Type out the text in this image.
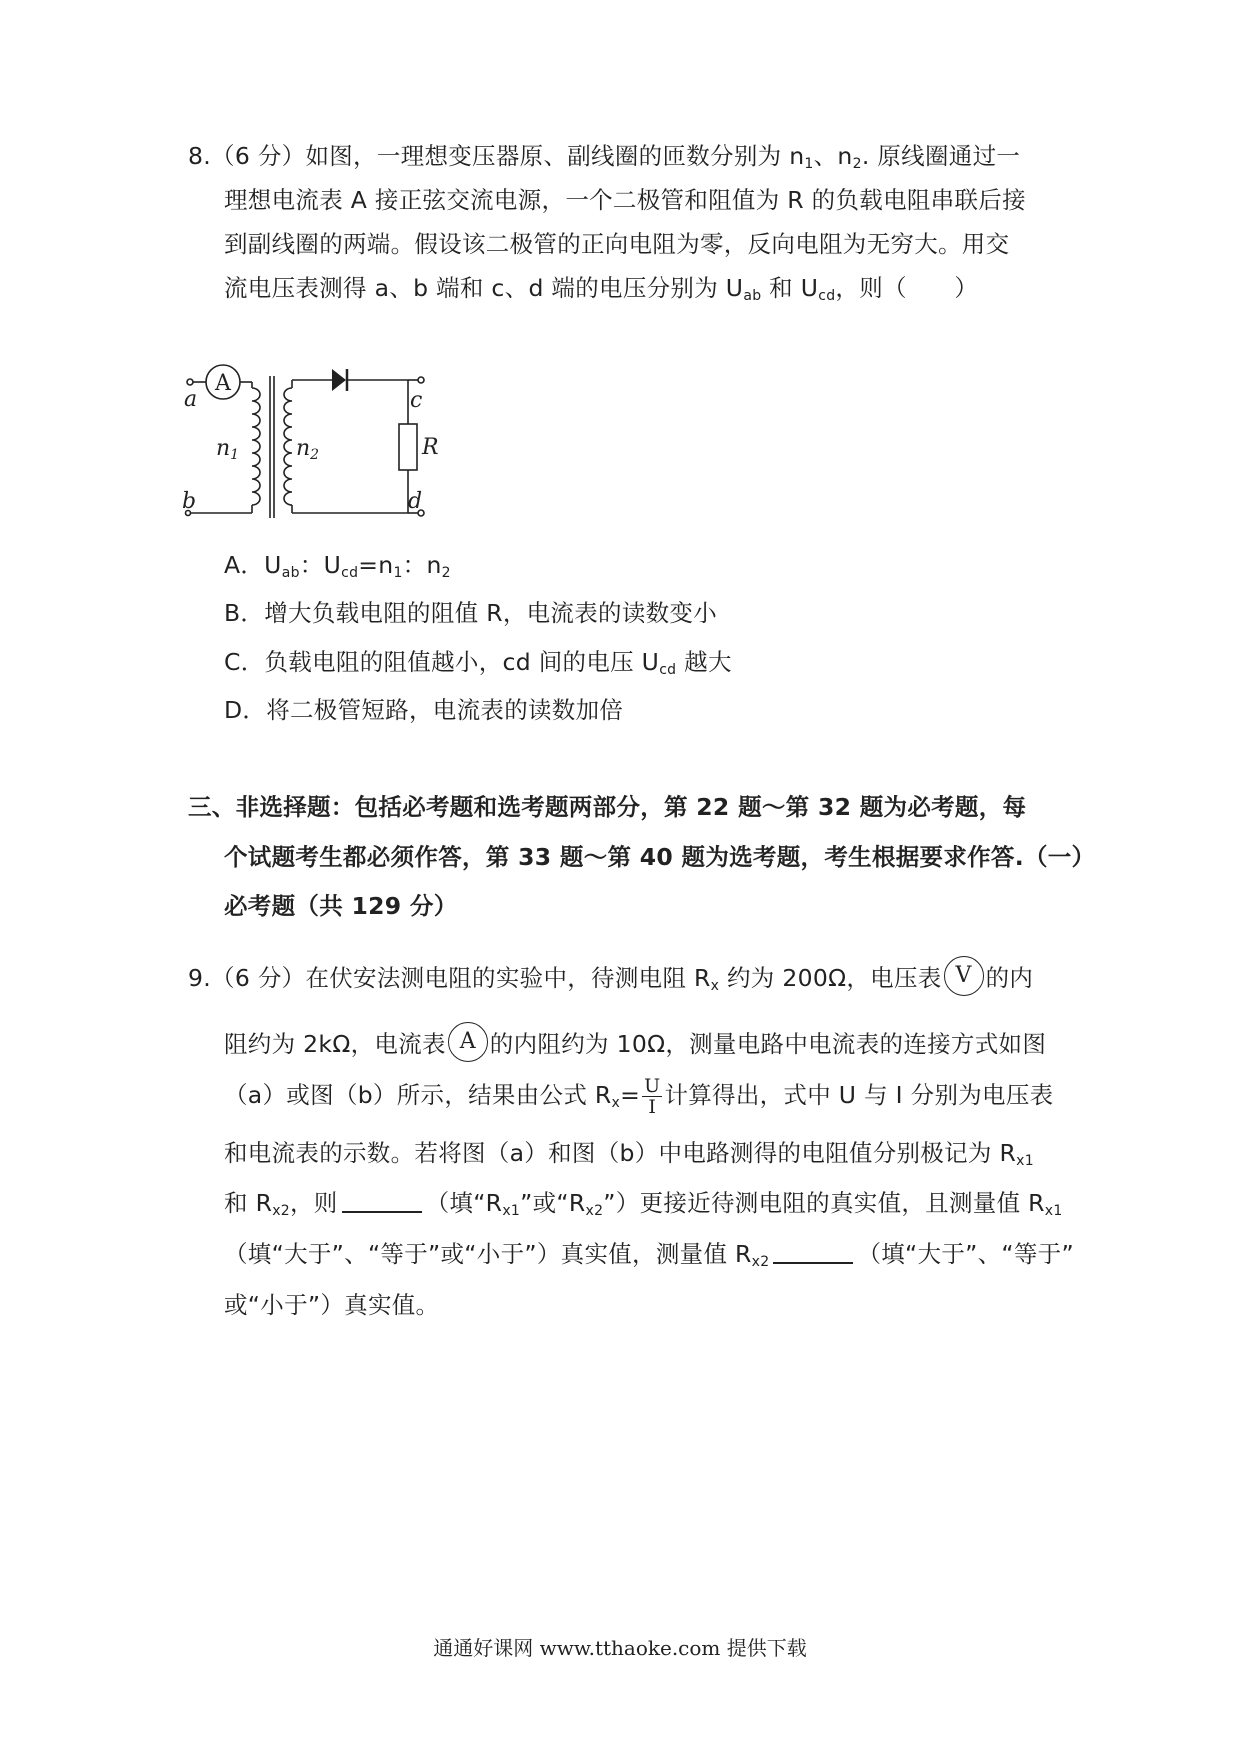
8.（6 分）如图，一理想变压器原、副线圈的匝数分别为 $n_1$、$n_2$. 原线圈通过一
理想电流表 A 接正弦交流电源，一个二极管和阻值为 R 的负载电阻串联后接
到副线圈的两端。假设该二极管的正向电阻为零，反向电阻为无穷大。用交
流电压表测得 a、b 端和 c、d 端的电压分别为 $U_{ab}$ 和 $U_{cd}$，则（　　）
a
b
c
d
R
n1	n2
A
A．$U_{ab}$：$U_{cd}=n_1$：$n_2$
B．增大负载电阻的阻值 R，电流表的读数变小
C．负载电阻的阻值越小，cd 间的电压 $U_{cd}$ 越大
D．将二极管短路，电流表的读数加倍
三、非选择题：包括必考题和选考题两部分，第 22 题～第 32 题为必考题，每
个试题考生都必须作答，第 33 题～第 40 题为选考题，考生根据要求作答.（一）
必考题（共 129 分）
9.（6 分）在伏安法测电阻的实验中，待测电阻 $R_x$ 约为 200Ω，电压表 V 的内
阻约为 2kΩ，电流表 A 的内阻约为 10Ω，测量电路中电流表的连接方式如图
（a）或图（b）所示，结果由公式 $R_x= \frac{U}{I}$ 计算得出，式中 U 与 I 分别为电压表
和电流表的示数。若将图（a）和图（b）中电路测得的电阻值分别极记为 $R_{x1}$
和 $R_{x2}$，则	（填“$R_{x1}$”或“$R_{x2}$”）更接近待测电阻的真实值，且测量值 $R_{x1}$
（填“大于”、“等于”或“小于”）真实值，测量值 $R_{x2}$	（填“大于”、“等于”
或“小于”）真实值。
通通好课网 www.tthaoke.com 提供下载
